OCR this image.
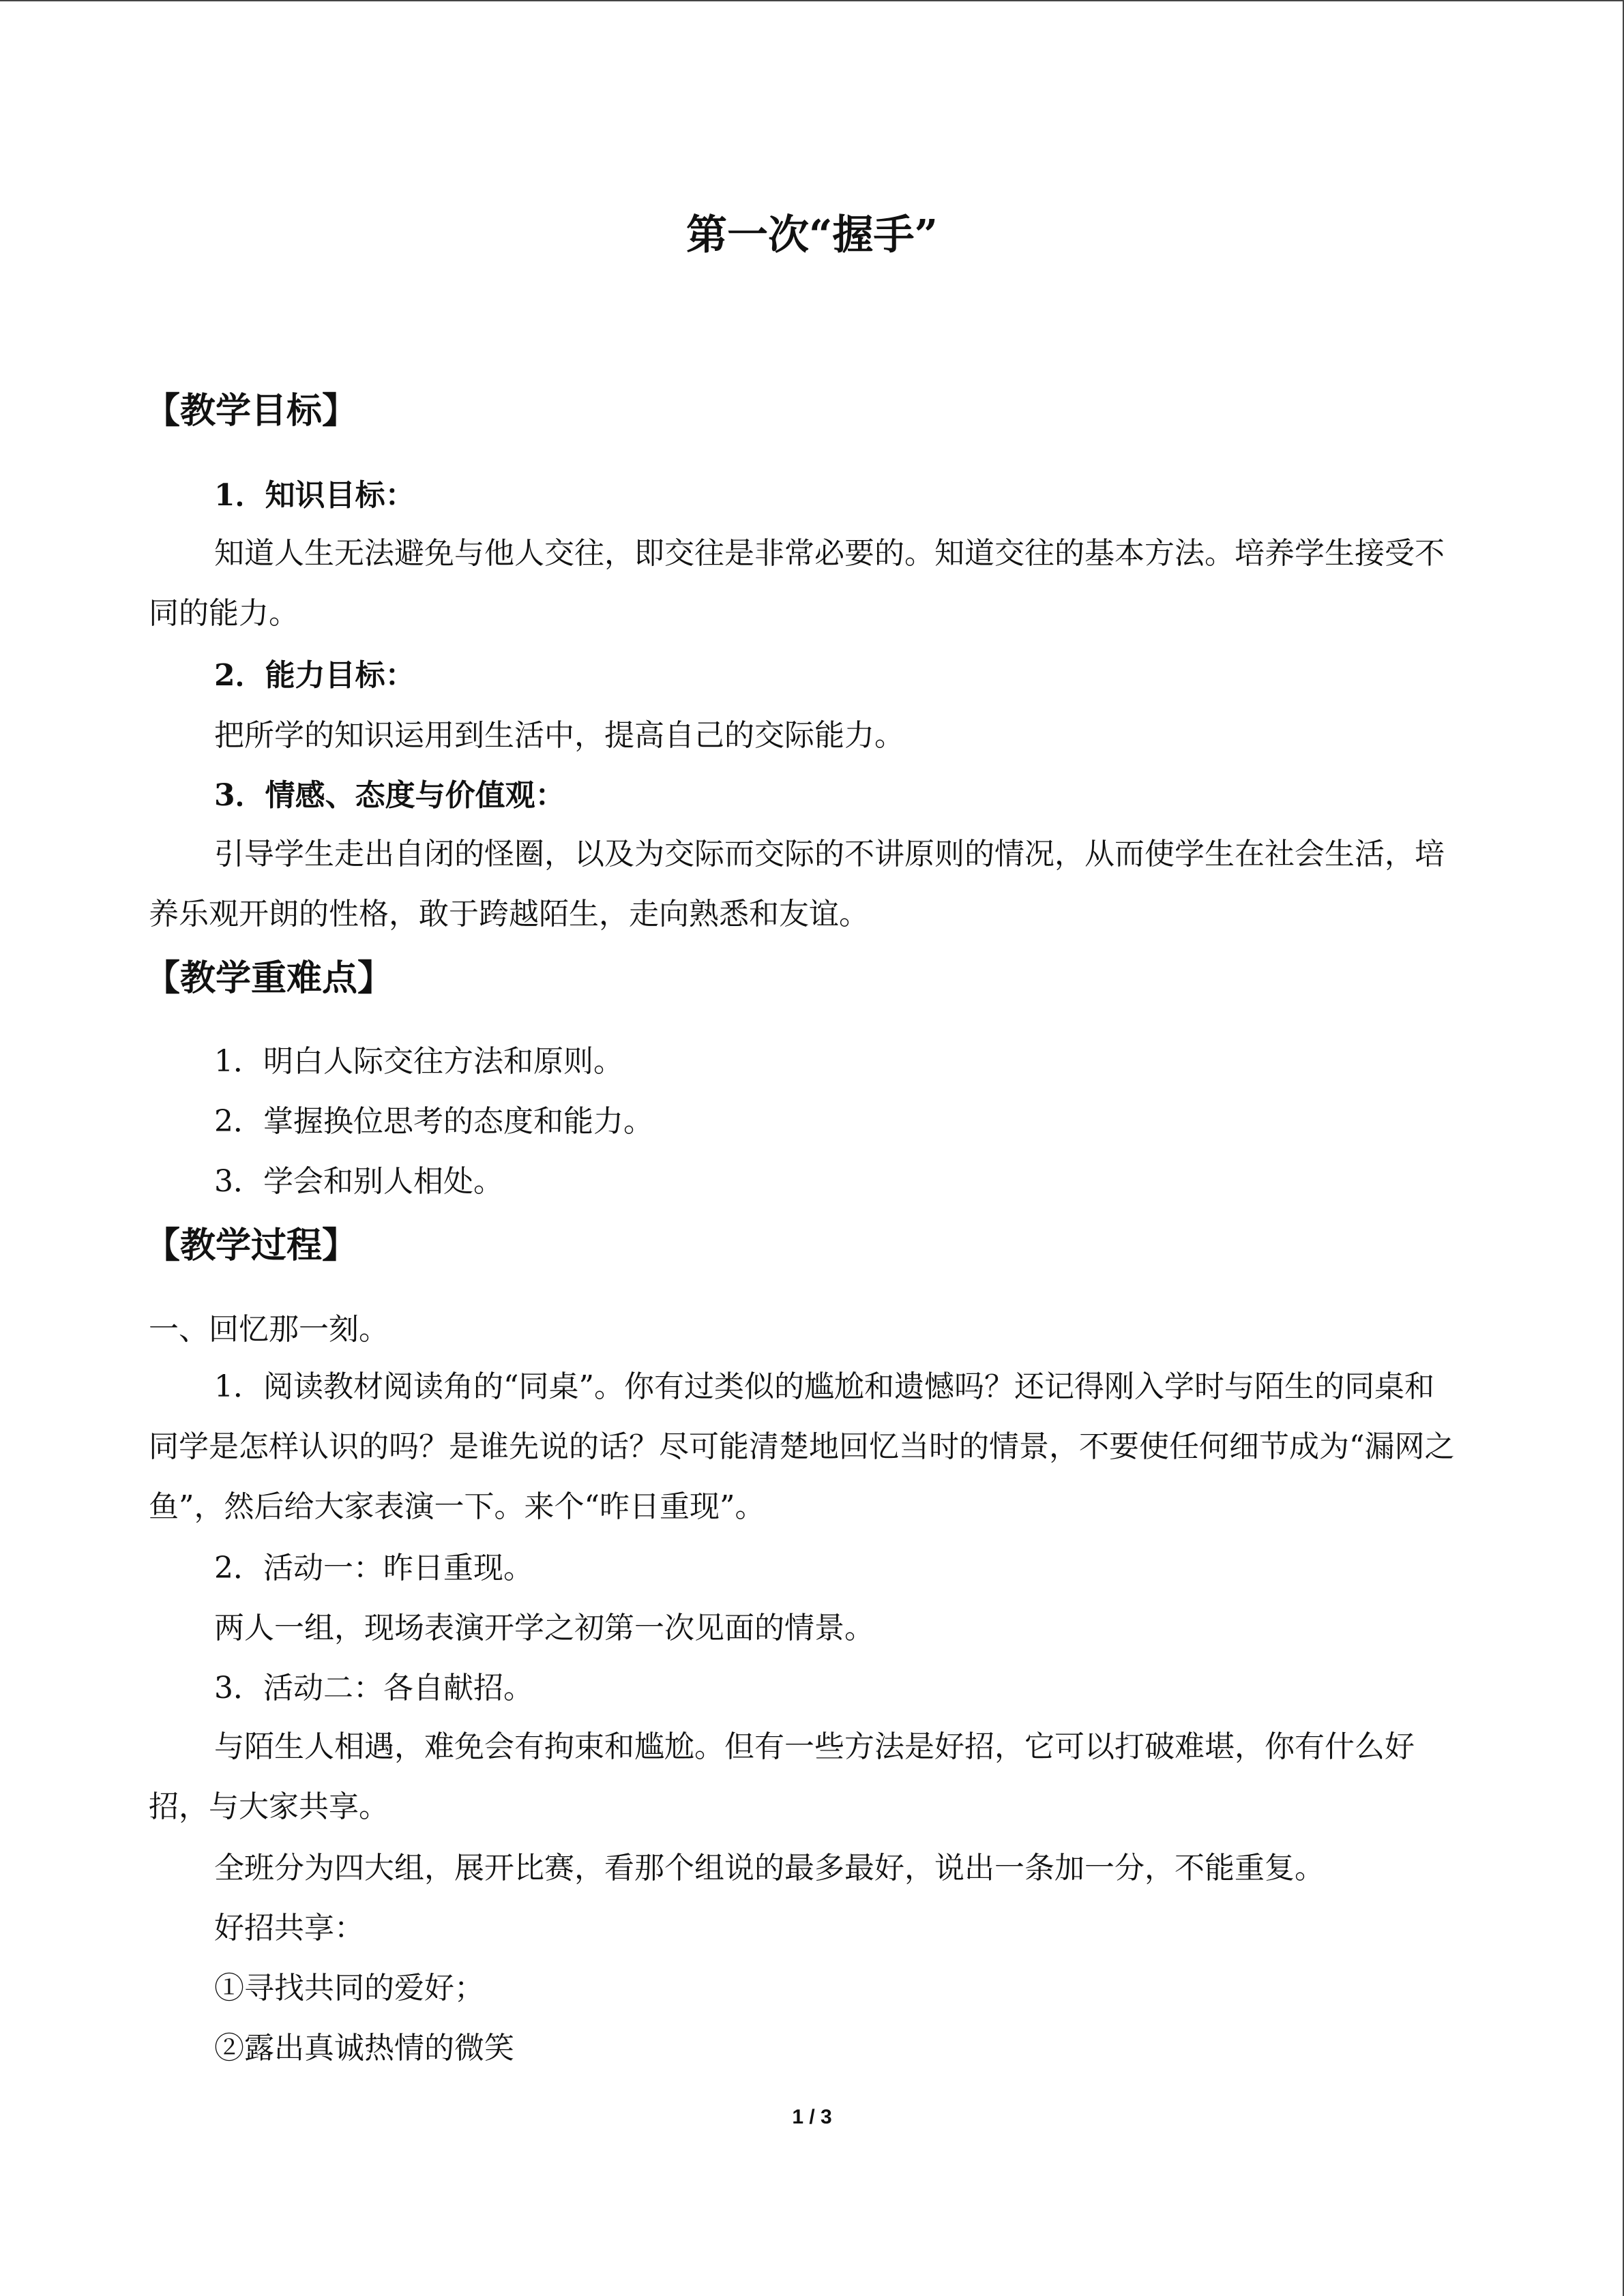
第一次“握手”
【教学目标】
1．知识目标：
知道人生无法避免与他人交往，即交往是非常必要的。知道交往的基本方法。培养学生接受不同的能力。
2．能力目标：
把所学的知识运用到生活中，提高自己的交际能力。
3．情感、态度与价值观：
引导学生走出自闭的怪圈，以及为交际而交际的不讲原则的情况，从而使学生在社会生活，培养乐观开朗的性格，敢于跨越陌生，走向熟悉和友谊。
【教学重难点】
1．明白人际交往方法和原则。
2．掌握换位思考的态度和能力。
3．学会和别人相处。
【教学过程】
一、回忆那一刻。
1．阅读教材阅读角的“同桌”。你有过类似的尴尬和遗憾吗？还记得刚入学时与陌生的同桌和同学是怎样认识的吗？是谁先说的话？尽可能清楚地回忆当时的情景，不要使任何细节成为“漏网之鱼”，然后给大家表演一下。来个“昨日重现”。
2．活动一：昨日重现。
两人一组，现场表演开学之初第一次见面的情景。
3．活动二：各自献招。
与陌生人相遇，难免会有拘束和尴尬。但有一些方法是好招，它可以打破难堪，你有什么好招，与大家共享。
全班分为四大组，展开比赛，看那个组说的最多最好，说出一条加一分，不能重复。
好招共享：
①寻找共同的爱好；
②露出真诚热情的微笑
1 / 3
